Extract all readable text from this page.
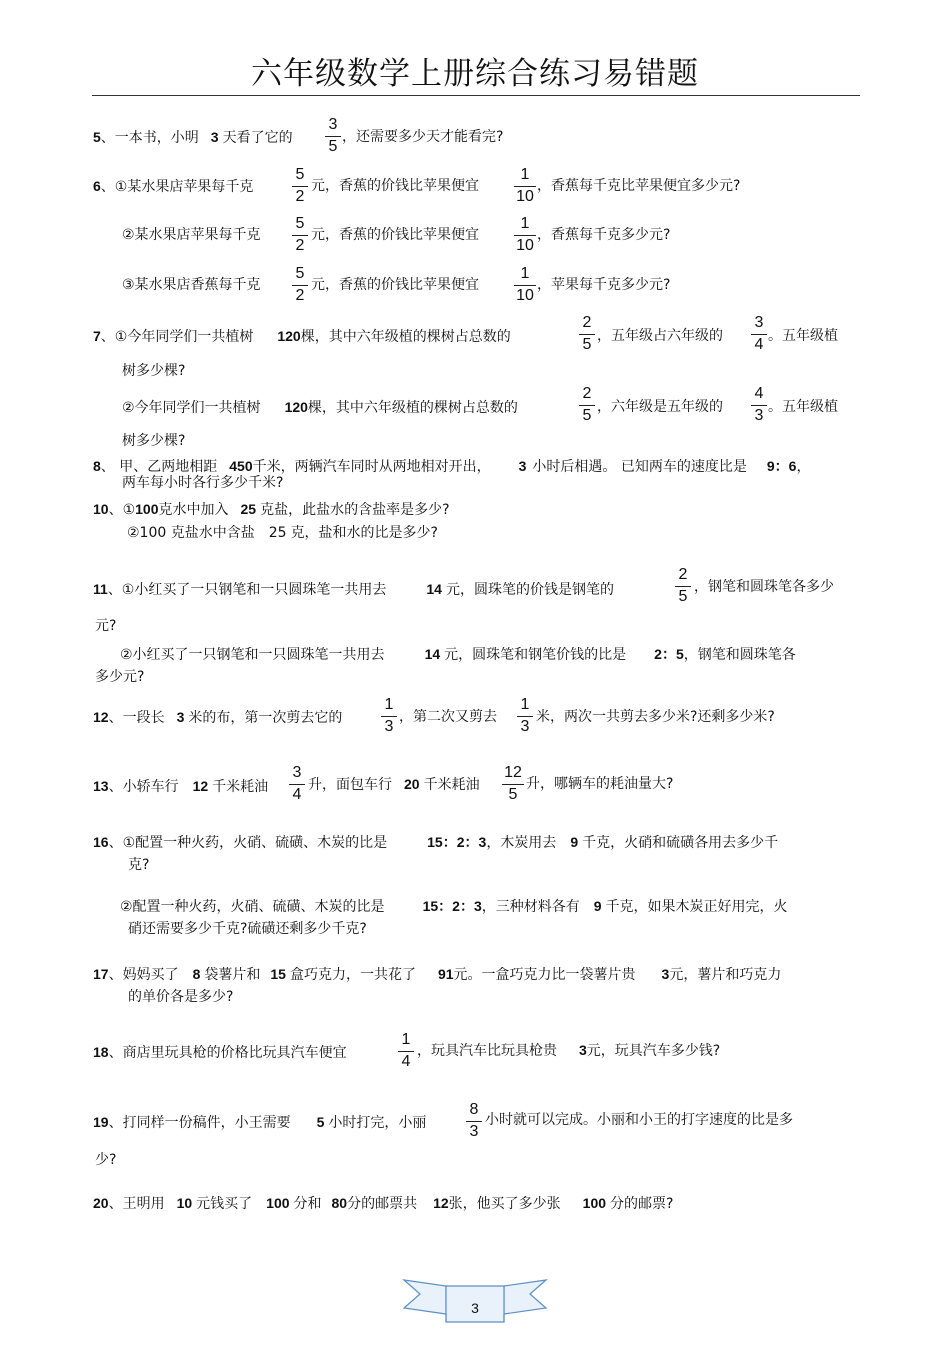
六年级数学上册综合练习易错题
5、一本书，小明 3 天看了它的
3
5
，还需要多少天才能看完?
6、①某水果店苹果每千克
5
2
元，香蕉的价钱比苹果便宜
1
10
，香蕉每千克比苹果便宜多少元?
②某水果店苹果每千克
5
2
元，香蕉的价钱比苹果便宜
1
10
，香蕉每千克多少元?
③某水果店香蕉每千克
5
2
元，香蕉的价钱比苹果便宜
1
10
，苹果每千克多少元?
7、①今年同学们一共植树 120棵，其中六年级植的棵树占总数的
2
5 ，五年级占六年级的
3
4 。五年级植
树多少棵?
②今年同学们一共植树 120棵，其中六年级植的棵树占总数的
2
5 ，六年级是五年级的
4
3 。五年级植
树多少棵?
8、 甲、乙两地相距 450千米，两辆汽车同时从两地相对开出， 3 小时后相遇。 已知两车的速度比是 9：6，
两车每小时各行多少千米?
10、①100克水中加入 25 克盐，此盐水的含盐率是多少?
②100 克盐水中含盐 25 克，盐和水的比是多少?
11、①小红买了一只钢笔和一只圆珠笔一共用去	14 元，圆珠笔的价钱是钢笔的
2
5
，钢笔和圆珠笔各多少
元?
②小红买了一只钢笔和一只圆珠笔一共用去	14 元，圆珠笔和钢笔价钱的比是 2：5，钢笔和圆珠笔各
多少元?
12、一段长 3 米的布，第一次剪去它的
1
3
，第二次又剪去
1
3
米，两次一共剪去多少米?还剩多少米?
13、小轿车行 12 千米耗油
3
4
升，面包车行 20 千米耗油
12
5
升，哪辆车的耗油量大?
16、①配置一种火药，火硝、硫磺、木炭的比是	15：2：3，木炭用去 9 千克，火硝和硫磺各用去多少千
克?
②配置一种火药，火硝、硫磺、木炭的比是	15：2：3，三种材料各有 9 千克，如果木炭正好用完，火
硝还需要多少千克?硫磺还剩多少千克?
17、妈妈买了 8 袋薯片和 15 盒巧克力，一共花了 91元。一盒巧克力比一袋薯片贵 3元，薯片和巧克力
的单价各是多少?
18、商店里玩具枪的价格比玩具汽车便宜
1
4
，玩具汽车比玩具枪贵 3元，玩具汽车多少钱?
19、打同样一份稿件，小王需要 5 小时打完，小丽
8
3
小时就可以完成。小丽和小王的打字速度的比是多
少?
20、王明用 10 元钱买了 100 分和 80分的邮票共 12张，他买了多少张 100 分的邮票?
3
